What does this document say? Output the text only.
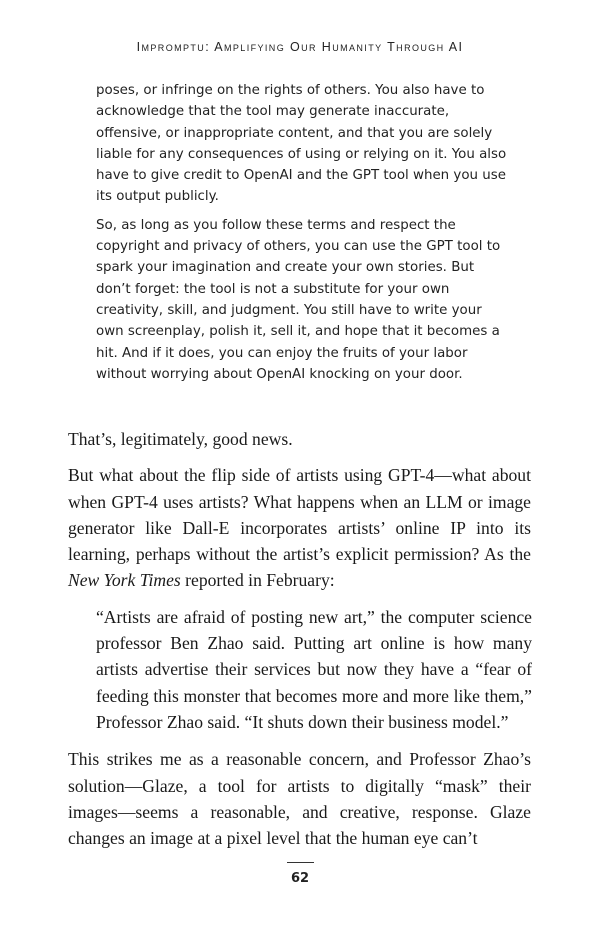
Impromptu: Amplifying Our Humanity Through AI

poses, or infringe on the rights of others. You also have to acknowledge that the tool may generate inaccurate, offensive, or inappropriate content, and that you are solely liable for any consequences of using or relying on it. You also have to give credit to OpenAI and the GPT tool when you use its output publicly.

So, as long as you follow these terms and respect the copyright and privacy of others, you can use the GPT tool to spark your imagination and create your own stories. But don’t forget: the tool is not a substitute for your own creativity, skill, and judgment. You still have to write your own screenplay, polish it, sell it, and hope that it becomes a hit. And if it does, you can enjoy the fruits of your labor without worrying about OpenAI knocking on your door.

That’s, legitimately, good news.

But what about the flip side of artists using GPT-4—what about when GPT-4 uses artists? What happens when an LLM or image generator like Dall-E incorporates artists’ online IP into its learning, perhaps without the artist’s explicit permission? As the New York Times reported in February:

“Artists are afraid of posting new art,” the computer science professor Ben Zhao said. Putting art online is how many artists advertise their services but now they have a “fear of feeding this monster that becomes more and more like them,” Professor Zhao said. “It shuts down their business model.”

This strikes me as a reasonable concern, and Professor Zhao’s solution—Glaze, a tool for artists to digitally “mask” their images—seems a reasonable, and creative, response. Glaze changes an image at a pixel level that the human eye can’t

62
